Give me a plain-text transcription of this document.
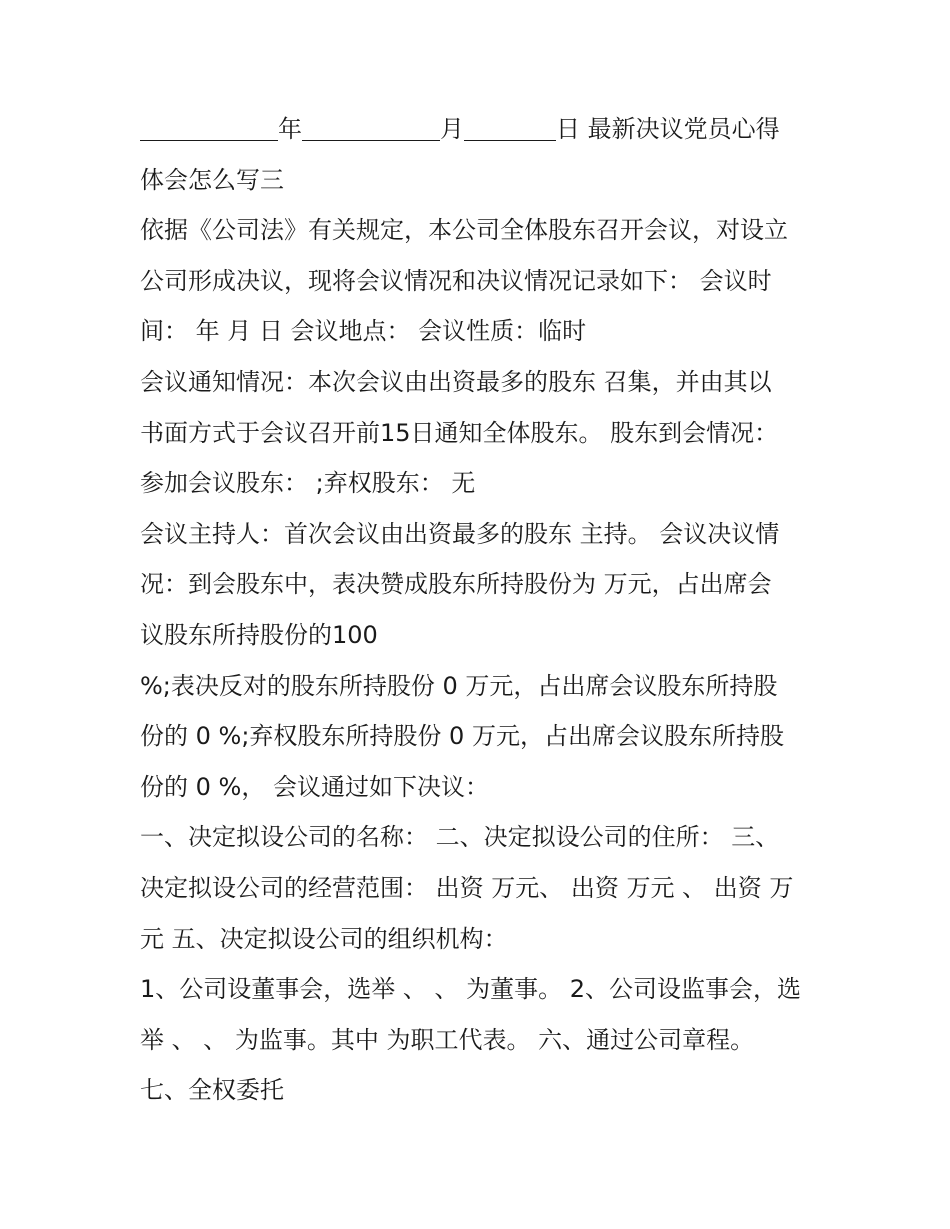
年	月	日 最新决议党员心得
体会怎么写三
依据《公司法》有关规定，本公司全体股东召开会议，对设立
公司形成决议，现将会议情况和决议情况记录如下： 会议时
间： 年 月 日 会议地点： 会议性质：临时
会议通知情况：本次会议由出资最多的股东 召集，并由其以
书面方式于会议召开前15日通知全体股东。 股东到会情况：
参加会议股东： ;弃权股东： 无
会议主持人：首次会议由出资最多的股东 主持。 会议决议情
况：到会股东中，表决赞成股东所持股份为 万元，占出席会
议股东所持股份的100
%;表决反对的股东所持股份 0 万元，占出席会议股东所持股
份的 0 %;弃权股东所持股份 0 万元，占出席会议股东所持股
份的 0 %， 会议通过如下决议：
一、决定拟设公司的名称： 二、决定拟设公司的住所： 三、
决定拟设公司的经营范围： 出资 万元、 出资 万元 、 出资 万
元 五、决定拟设公司的组织机构：
1、公司设董事会，选举 、 、 为董事。 2、公司设监事会，选
举 、 、 为监事。其中 为职工代表。 六、通过公司章程。
七、全权委托
